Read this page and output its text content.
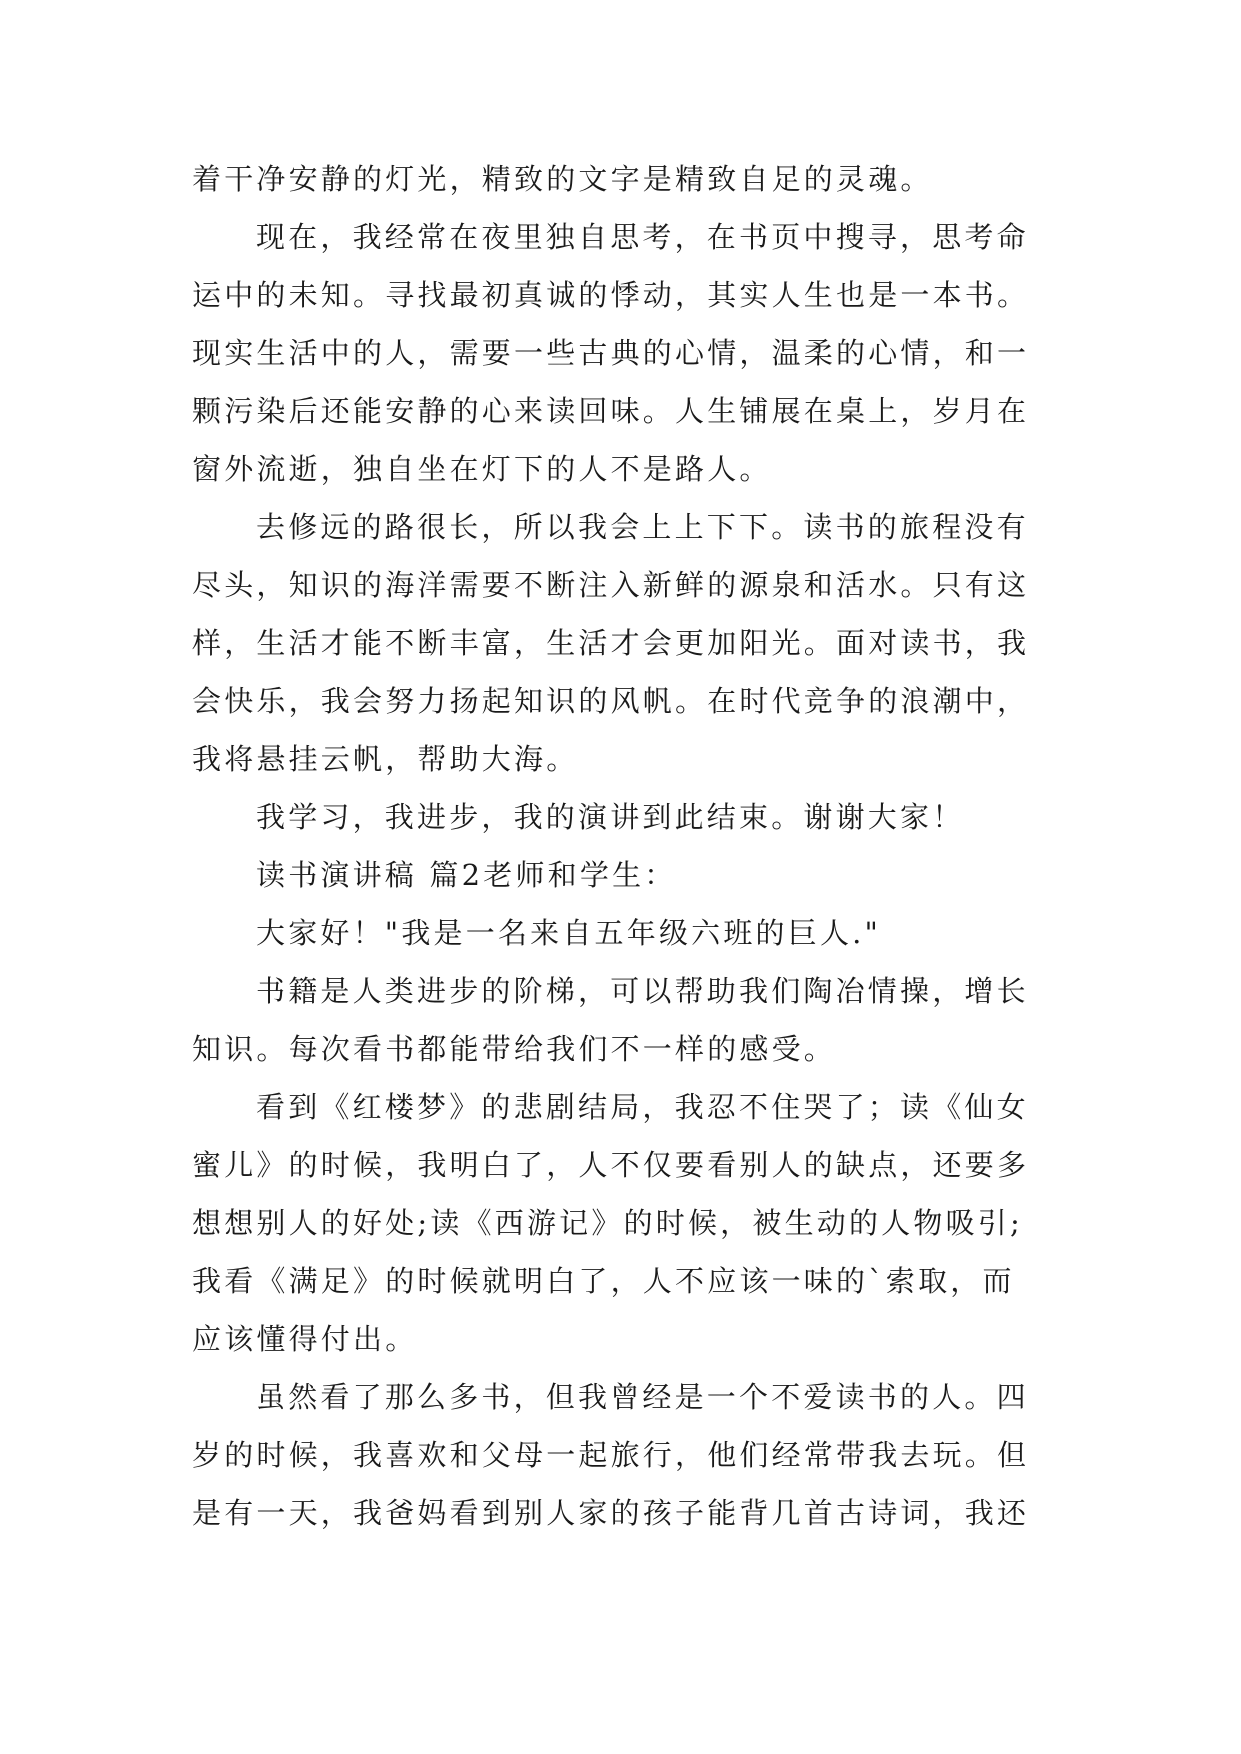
着干净安静的灯光，精致的文字是精致自足的灵魂。
现在，我经常在夜里独自思考，在书页中搜寻，思考命
运中的未知。寻找最初真诚的悸动，其实人生也是一本书。
现实生活中的人，需要一些古典的心情，温柔的心情，和一
颗污染后还能安静的心来读回味。人生铺展在桌上，岁月在
窗外流逝，独自坐在灯下的人不是路人。
去修远的路很长，所以我会上上下下。读书的旅程没有
尽头，知识的海洋需要不断注入新鲜的源泉和活水。只有这
样，生活才能不断丰富，生活才会更加阳光。面对读书，我
会快乐，我会努力扬起知识的风帆。在时代竞争的浪潮中，
我将悬挂云帆，帮助大海。
我学习，我进步，我的演讲到此结束。谢谢大家！
读书演讲稿 篇2老师和学生：
大家好！"我是一名来自五年级六班的巨人."
书籍是人类进步的阶梯，可以帮助我们陶冶情操，增长
知识。每次看书都能带给我们不一样的感受。
看到《红楼梦》的悲剧结局，我忍不住哭了；读《仙女
蜜儿》的时候，我明白了，人不仅要看别人的缺点，还要多
想想别人的好处;读《西游记》的时候，被生动的人物吸引;
我看《满足》的时候就明白了，人不应该一味的`索取，而
应该懂得付出。
虽然看了那么多书，但我曾经是一个不爱读书的人。四
岁的时候，我喜欢和父母一起旅行，他们经常带我去玩。但
是有一天，我爸妈看到别人家的孩子能背几首古诗词，我还
